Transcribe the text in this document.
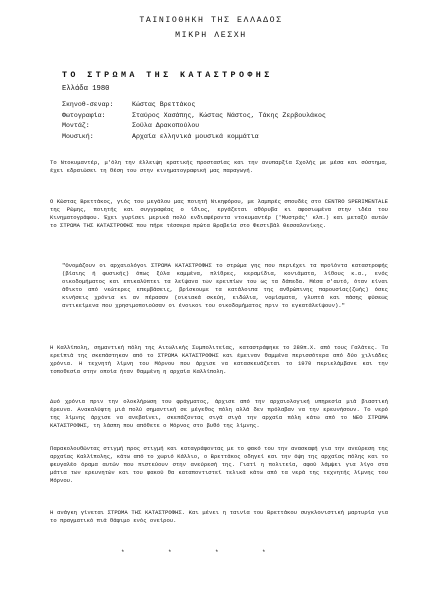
ΤΑΙΝΙΟΘΗΚΗ ΤΗΣ ΕΛΛΑΔΟΣ
ΜΙΚΡΗ ΛΕΣΧΗ
ΤΟ ΣΤΡΩΜΑ ΤΗΣ ΚΑΤΑΣΤΡΟΦΗΣ
Ελλάδα 1980
Σκηνοθ-σεναρ:	Κώστας Βρεττάκος
Φωτογραφία:	Σταύρος Χασάπης, Κώστας Νάστος, Τάκης Ζερβουλάκος
Μοντάζ:	Σοϋλα Δρακοπούλου
Μουσική:	Αρχαία ελληνικά μουσικά κομμάτια

Το Ντοκυμαντέρ, μ'όλη την έλλειψη κρατικής προστασίας και την ανυπαρξία Σχολής με μέσα και σύστημα, έχει εδραιώσει τη θέση του στην κινηματογραφική μας παραγωγή.

Ο Κώστας Βρεττάκος, γιός του μεγάλου μας ποιητή Νικηφόρου, με λαμπρές σπουδές στο CENTRO SPERIMENTALE της Ρώμης, ποιητής και συγγραφέας ο ίδιος, εργάζεται αθόρυβα κι αφοσιωμένα στην ιδέα του Κινηματογράφου. Έχει γυρίσει μερικά πολύ ενδιαφέροντα ντοκυμαντέρ ('Μυστράς' κλπ.) και μεταξύ αυτών το ΣΤΡΩΜΑ ΤΗΣ ΚΑΤΑΣΤΡΟΦΗΣ που πήρε τέσσερα πρώτα Βραβεία στο Φεστιβάλ Θεσσαλονίκης.

"Ονομάζουν οι αρχαιολόγοι ΣΤΡΩΜΑ ΚΑΤΑΣΤΡΟΦΗΣ το στρώμα γης που περιέχει τα προϊόντα καταστροφής (βίαιης ή φυσικής) όπως ξύλα καμμένα, πλίθρες, κεραμίδια, κονιάματα, λίθους κ.α., ενός οικοδομήματος και επικαλύπτει τα λείψανα των ερειπίων του ως τα δάπεδα. Μέσα σ'αυτό, όταν είναι άθικτο από νεώτερες επεμβάσεις, βρίσκουμε τα κατάλοιπα της ανθρώπινης παρουσίας(ζωής) όσες κινήσεις χρόνια κι αν πέρασαν (οικιακά σκεύη, ειδώλια, νομίσματα, γλυπτά και πάσης φύσεως αντικείμενα που χρησιμοποιούσαν οι ένοικοι του οικοδομήματος πριν το εγκατάλείψουν)."

Η Καλλίπολη, σημαντική πόλη της Αιτωλικής Συμπολιτείας, καταστράφηκε το 289π.Χ. από τους Γαλάτες. Τα ερείπιά της σκεπάστηκαν από το ΣΤΡΩΜΑ ΚΑΤΑΣΤΡΟΦΗΣ και έμειναν θαμμένα περισσότερα από δύο χιλιάδες χρόνια. Η τεχνητή λίμνη του Μόρνου που άρχισε να κατασκευάζεται το 1970 περιελάμβανε και την τοποθεσία στην οποία ήταν θαμμένη η αρχαία Καλλίπολη.

Δυό χρόνια πριν την ολοκλήρωση του φράγματος, άρχισε από την αρχαιολογική υπηρεσία μιά βιαστική έρευνα. Ανακαλύφτη μιά πολύ σημαντική σε μέγεθος πόλη αλλά δεν πρόλαβαν να την ερευνήσουν. Το νερό της λίμνης άρχισε να ανεβαίνει, σκεπάζοντας σιγά σιγά την αρχαία πόλη κάτω από το ΝΕΟ ΣΤΡΩΜΑ ΚΑΤΑΣΤΡΟΦΗΣ, τη λάσπη που απόθετε ο Μόρνος στο βυθό της λίμνης.

Παρακολουθώντας στιγμή προς στιγμή και καταγράφοντας με το φακό του την ανασκαφή για την ανεύρεση της αρχαίας Καλλίπολης, κάτω από το χωριό Κάλλιο, ο Βρεττάκος οδηγεί και την όψη της αρχαίας πόλης και το φευγαλέο όραμα αυτών που πιστεύουν στην ανεύρεσή της. Γιατί η πολιτεία, αφού λάμψει για λίγο στα μάτια των ερευνητών και του φακού θα καταποντιστεί τελικά κάτω από τα νερά της τεχνητής λίμνης του Μόρνου.

Η ανάγκη γίνεται ΣΤΡΩΜΑ ΤΗΣ ΚΑΤΑΣΤΡΟΦΗΣ. Και μένει η ταινία του Βρεττάκου συγκλονιστική μαρτυρία για το πραγματικό πιά θάφιμο ενός ονείρου.

*	*	*	*
